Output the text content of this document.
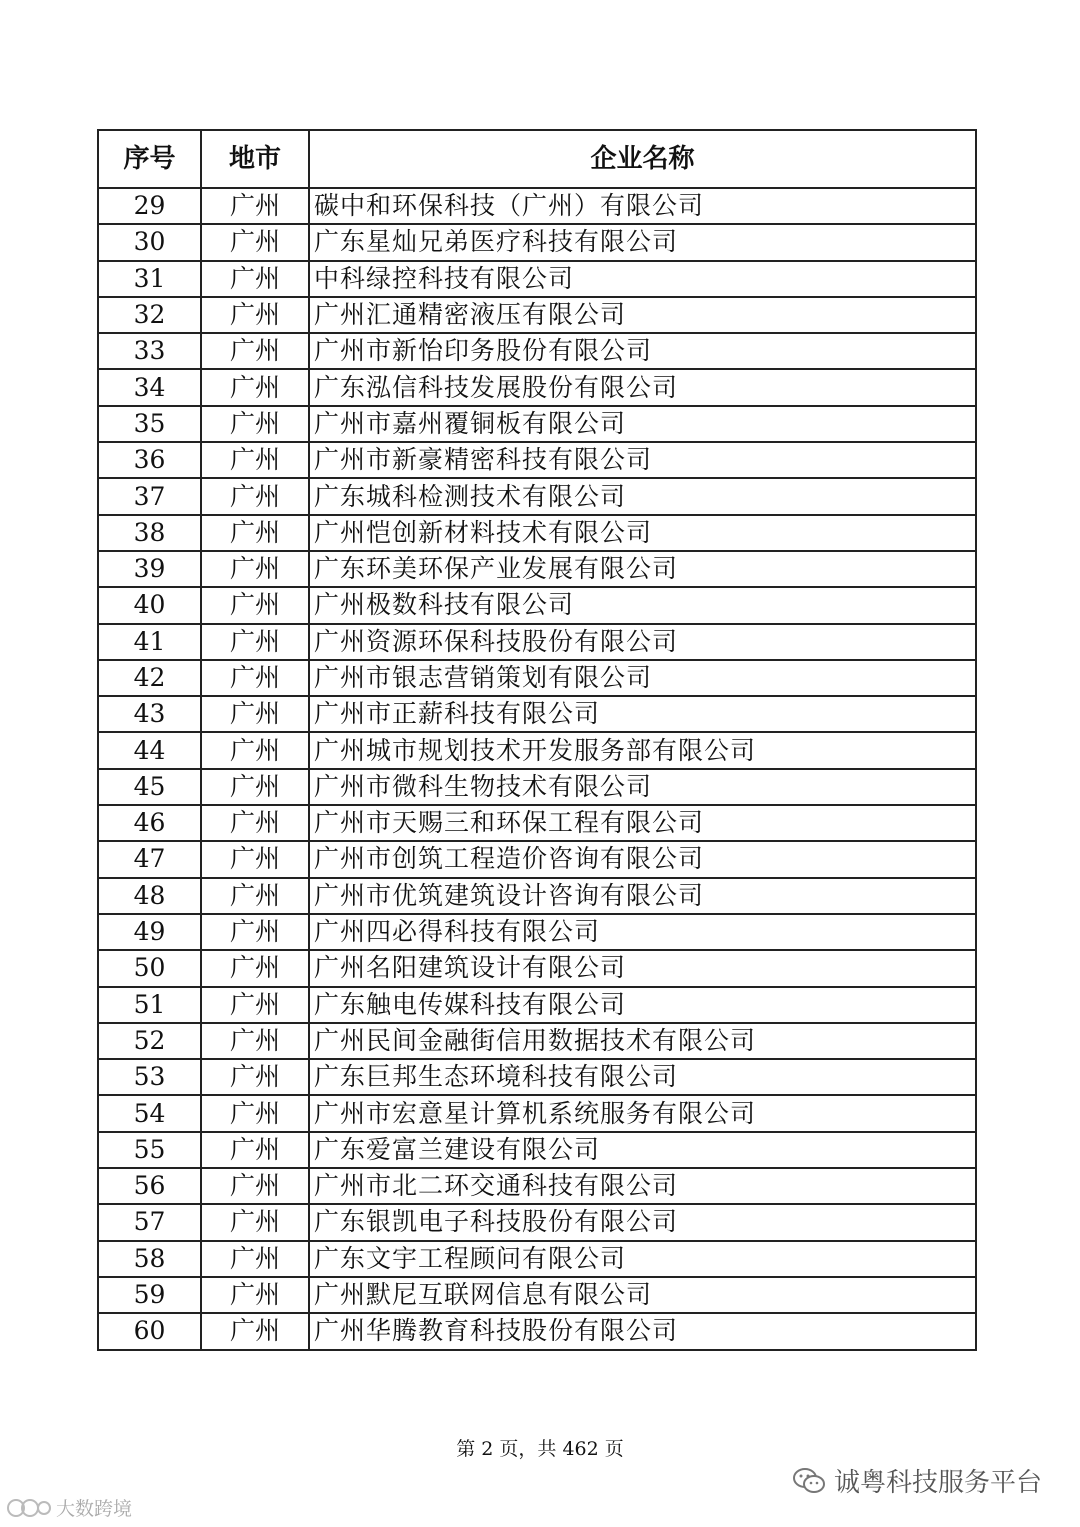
序号	地市	企业名称
29	广州	碳中和环保科技（广州）有限公司
30	广州	广东星灿兄弟医疗科技有限公司
31	广州	中科绿控科技有限公司
32	广州	广州汇通精密液压有限公司
33	广州	广州市新怡印务股份有限公司
34	广州	广东泓信科技发展股份有限公司
35	广州	广州市嘉州覆铜板有限公司
36	广州	广州市新豪精密科技有限公司
37	广州	广东城科检测技术有限公司
38	广州	广州恺创新材料技术有限公司
39	广州	广东环美环保产业发展有限公司
40	广州	广州极数科技有限公司
41	广州	广州资源环保科技股份有限公司
42	广州	广州市银志营销策划有限公司
43	广州	广州市正薪科技有限公司
44	广州	广州城市规划技术开发服务部有限公司
45	广州	广州市微科生物技术有限公司
46	广州	广州市天赐三和环保工程有限公司
47	广州	广州市创筑工程造价咨询有限公司
48	广州	广州市优筑建筑设计咨询有限公司
49	广州	广州四必得科技有限公司
50	广州	广州名阳建筑设计有限公司
51	广州	广东触电传媒科技有限公司
52	广州	广州民间金融街信用数据技术有限公司
53	广州	广东巨邦生态环境科技有限公司
54	广州	广州市宏意星计算机系统服务有限公司
55	广州	广东爱富兰建设有限公司
56	广州	广州市北二环交通科技有限公司
57	广州	广东银凯电子科技股份有限公司
58	广州	广东文宇工程顾问有限公司
59	广州	广州默尼互联网信息有限公司
60	广州	广州华腾教育科技股份有限公司
第 2 页，共 462 页
诚粤科技服务平台
大数跨境
